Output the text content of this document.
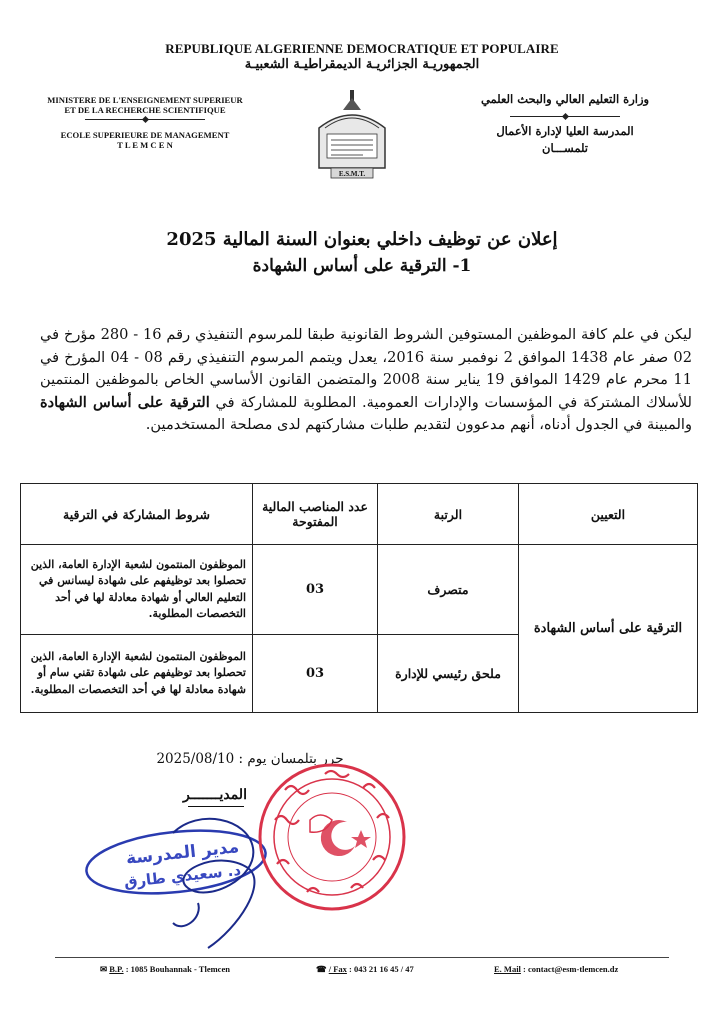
REPUBLIQUE ALGERIENNE DEMOCRATIQUE ET POPULAIRE
الجمهوريـة الجزائريـة الديمقراطيـة الشعبيـة
MINISTERE DE L'ENSEIGNEMENT SUPERIEUR
ET DE LA RECHERCHE SCIENTIFIQUE
ECOLE SUPERIEURE DE MANAGEMENT
T L E M C E N
وزارة التعليم العالي والبحث العلمي
المدرسة العليا لإدارة الأعمال
تلمســـان
E.S.M.T.
إعلان عن توظيف داخلي بعنوان السنة المالية 2025
1- الترقية على أساس الشهادة
ليكن في علم كافة الموظفين المستوفين الشروط القانونية طبقا للمرسوم التنفيذي رقم 16 - 280 مؤرخ في 02 صفر عام 1438 الموافق 2 نوفمبر سنة 2016، يعدل ويتمم المرسوم التنفيذي رقم 08 - 04 المؤرخ في 11 محرم عام 1429 الموافق 19 يناير سنة 2008 والمتضمن القانون الأساسي الخاص بالموظفين المنتمين للأسلاك المشتركة في المؤسسات والإدارات العمومية. المطلوبة للمشاركة في الترقية على أساس الشهادة والمبينة في الجدول أدناه، أنهم مدعوون لتقديم طلبات مشاركتهم لدى مصلحة المستخدمين.
التعيين	الرتبة	عدد المناصب المالية المفتوحة	شروط المشاركة في الترقية
الترقية على أساس الشهادة	متصرف	03	الموظفون المنتمون لشعبة الإدارة العامة، الذين تحصلوا بعد توظيفهم على شهادة ليسانس في التعليم العالي أو شهادة معادلة لها في أحد التخصصات المطلوبة.
	ملحق رئيسي للإدارة	03	الموظفون المنتمون لشعبة الإدارة العامة، الذين تحصلوا بعد توظيفهم على شهادة تقني سام أو شهادة معادلة لها في أحد التخصصات المطلوبة.
حرر بتلمسان يوم : 2025/08/10
المديـــــــر
مدير المدرسة
د. سعيدي طارق
✉ B.P. : 1085 Bouhannak - Tlemcen	☎ / Fax : 043 21 16 45 / 47	E. Mail : contact@esm-tlemcen.dz
